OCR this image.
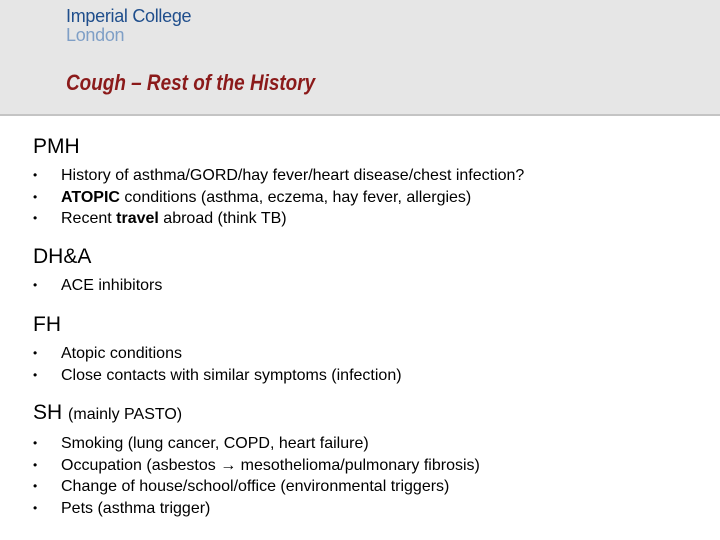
Imperial College
London
Cough – Rest of the History
PMH
• History of asthma/GORD/hay fever/heart disease/chest infection?
• ATOPIC conditions (asthma, eczema, hay fever, allergies)
• Recent travel abroad (think TB)
DH&A
• ACE inhibitors
FH
• Atopic conditions
• Close contacts with similar symptoms (infection)
SH (mainly PASTO)
• Smoking (lung cancer, COPD, heart failure)
• Occupation (asbestos → mesothelioma/pulmonary fibrosis)
• Change of house/school/office (environmental triggers)
• Pets (asthma trigger)
